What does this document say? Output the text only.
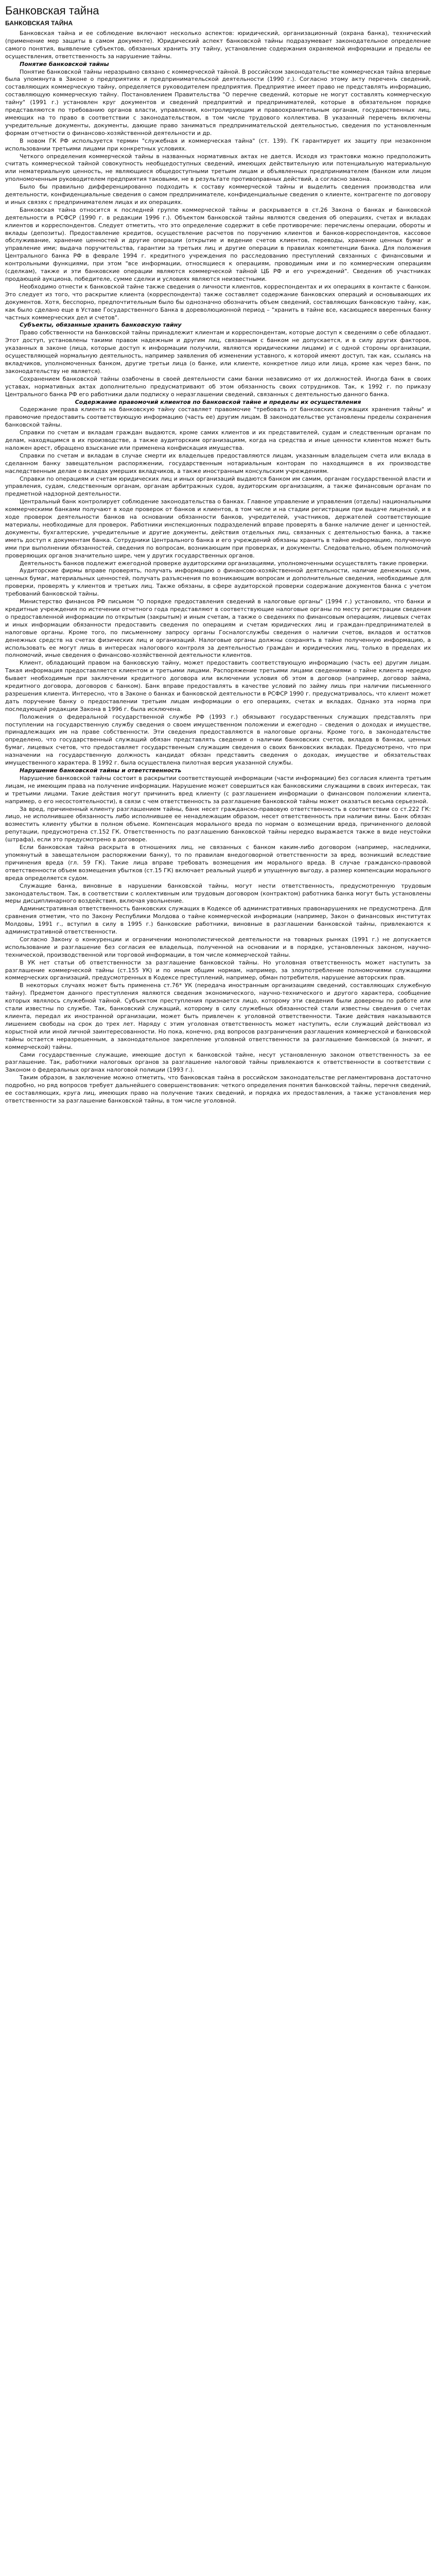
Банковская тайна
БАНКОВСКАЯ ТАЙНА

Банковская тайна и ее соблюдение включают несколько аспектов: юридический, организационный (охрана банка), технический (применение мер защиты в самом документе). Юридический аспект банковской тайны подразумевает законодательное определение самого понятия, выявление субъектов, обязанных хранить эту тайну, установление содержания охраняемой информации и пределы ее осуществления, ответственность за нарушение тайны.

Понятие банковской тайны

Понятие банковской тайны неразрывно связано с коммерческой тайной. В российском законодательстве коммерческая тайна впервые была упомянута в Законе о предприятиях и предпринимательской деятельности (1990 г.). Согласно этому акту переченъ сведений, составляющих коммерческую тайну, определяется руководителем предприятия. Предприятие имеет право не представлять информацию, составляющую коммерческую тайну. Постановлением Правительства "О перечне сведений, которые не могут составлять коммерческую тайну" (1991 г.) установлен круг документов и сведений предприятий и предпринимателей, которые в обязательном порядке представляются по требованию органов власти, управления, контролирующим и правоохранительным органам, государственных лиц, имеющих на то право в соответствии с законодательством, в том числе трудового коллектива. В указанный перечень включены учредительные документы, документы, дающие право заниматься предпринимательской деятельностью, сведения по установленным формам отчетности о финансово-хозяйственной деятельности и др.

В новом ГК РФ используется термин "служебная и коммерческая тайна" (ст. 139). ГК гарантирует их защиту при незаконном использовании третьими лицами при конкретных условиях.

Четкого определения коммерческой тайны в названных нормативных актах не дается. Исходя из трактовки можно предположить считать коммерческой тайной совокупность необщедоступных сведений, имеющих действительную или потенциальную материальную или нематериальную ценность, не являющиеся общедоступными третьим лицам и объявленных предпринимателем (банком или лицом уполномоченным руководителем предприятия таковыми, не в результате противоправных действий, а согласно закона.

Было бы правильно дифференцированно подходить к составу коммерческой тайны и выделить сведения производства или деятельности, конфиденциальные сведения о самом предпринимателе, конфиденциальные сведения о клиенте, контрагенте по договору и иных связях с предпринимателем лицах и их операциях.

Банковская тайна относится к последней группе коммерческой тайны и раскрывается в ст.26 Закона о банках и банковской деятельности в РСФСР (1990 г. в редакции 1996 г.). Объектом банковской тайны являются сведения об операциях, счетах и вкладах клиентов и корреспондентов. Следует отметить, что это определение содержит в себе противоречие: перечислены операции, обороты и вклады (депозиты). Предоставление кредитов, осуществление расчетов по поручению клиентов и банков-корреспондентов, кассовое обслуживание, хранение ценностей и другие операции (открытие и ведение счетов клиентов, переводы, хранение ценных бумаг и управление ими; выдача поручительства, гарантии за третьих лиц и другие операции в правилах компетенции банка. Для положения Центрального банка РФ в феврале 1994 г. кредитного учреждения по расследованию преступлений связанных с финансовыми и контрольными функциями, при этом "все информации, относящиеся к операциям, проводимым ими и по коммерческим операциям (сделкам), также и эти банковские операции являются коммерческой тайной ЦБ РФ и его учреждений". Сведения об участниках продающей аукциона, победителе, сумме сделки и условиях являются неизвестными.

Необходимо отнести к банковской тайне также сведения о личности клиентов, корреспондентах и их операциях в контакте с банком. Это следует из того, что раскрытие клиента (корреспондента) также составляет содержание банковских операций и основывающих их документов. Хотя, бесспорно, предпочтительным было бы однозначно обозначить объем сведений, составляющих банковскую тайну, как, как было сделано еще в Уставе Государственного Банка в дореволюционной период – "хранить в тайне все, касающиеся вверенных банку частных коммерческих дел и счетов".

Субъекты, обязанные хранить банковскую тайну

Право собственности на банковской тайны принадлежит клиентам и корреспондентам, которые доступ к сведениям о себе обладают. Этот доступ, установлены такими правом надежным и другим лиц, связанным с банком не допускается, и в силу других факторов, указанных в законе (лица, которые доступ к информации получили, являются юридическими лицами) и с одной стороны организации, осуществляющей нормальную деятельность, например заявления об изменении уставного, к которой имеют доступ, так как, ссылаясь на вкладчиков, уполномоченных банком, другие третьи лица (о банке, или клиенте, конкретное лицо или лица, кроме как через банк, по законодательству не является).

Сохранением банковской тайны озабочены в своей деятельности сами банки независимо от их должностей. Иногда банк в своих уставах, нормативных актах дополнительно предусматривают об этом обязанность своих сотрудников. Так, к 1992 г. по приказу Центрального банка РФ его работники дали подписку о неразглашении сведений, связанных с деятельностью данного банка.

Содержание правомочий клиентов по банковской тайне и пределы их осуществления

Содержание права клиента на банковскую тайну составляет правомочие "требовать от банковских служащих хранения тайны" и правомочие предоставить соответствующую информацию (часть ее) другим лицам. В законодательстве установлены пределы сохранения банковской тайны.

Справки по счетам и вкладам граждан выдаются, кроме самих клиентов и их представителей, судам и следственным органам по делам, находящимся в их производстве, а также аудиторским организациям, когда на средства и иные ценности клиентов может быть наложен арест, обращено взыскание или применена конфискация имущества.

Справки по счетам и вкладам в случае смерти их владельцев предоставляются лицам, указанным владельцем счета или вклада в сделанном банку завещательном распоряжении, государственным нотариальным конторам по находящимся в их производстве наследственным делам о вкладах умерших вкладчиков, а также иностранным консульским учреждениям.

Справки по операциям и счетам юридических лиц и иных организаций выдаются банком им самим, органам государственной власти и управления, судам, следственным органам, органам арбитражных судов, аудиторским организациям, а также финансовым органам по предметной надзорной деятельности.

Центральный банк контролирует соблюдение законодательства о банках. Главное управление и управления (отделы) национальными коммерческими банками получают в ходе проверок от банков и клиентов, в том числе и на стадии регистрации при выдаче лицензий, и в ходе проверок деятельности банков на основании обязанности банков, учредителей, участников, держателей соответствующие материалы, необходимые для проверок. Работники инспекционных подразделений вправе проверять в банке наличие денег и ценностей, документы, бухгалтерские, учредительные и другие документы, действия отдельных лиц, связанных с деятельностью банка, а также иметь доступ к документам банка. Сотрудники Центрального банка и его учреждений обязаны хранить в тайне информацию, полученную ими при выполнении обязанностей, сведения по вопросам, возникающим при проверках, и документы. Следовательно, объем полномочий проверяющих органов значительно шире, чем у других государственных органов.

Деятельность банков подлежит ежегодной проверке аудиторскими организациями, уполномоченными осуществлять такие проверки.

Аудиторские фирмы вправе проверять, получать информацию о финансово-хозяйственной деятельности, наличие денежных сумм, ценных бумаг, материальных ценностей, получать разъяснения по возникающим вопросам и дополнительные сведения, необходимые для проверки, проверять у клиентов и третьих лиц. Также обязаны, в сфере аудиторской проверки содержание документов банка с учетом требований банковской тайны.

Министерство финансов РФ письмом "О порядке предоставления сведений в налоговые органы" (1994 г.) установило, что банки и кредитные учреждения по истечении отчетного года представляют в соответствующие налоговые органы по месту регистрации сведения о предоставленной информации по открытым (закрытым) и иным счетам, а также о сведениях по финансовым операциям, лицевых счетах и иных информации обязанности предоставить сведения по операциям и счетам юридических лиц и граждан-предпринимателей в налоговые органы. Кроме того, по письменному запросу органы Госналогслужбы сведения о наличии счетов, вкладов и остатков денежных средств на счетах физических лиц и организаций. Налоговые органы должны сохранять в тайне полученную информацию, а использовать ее могут лишь в интересах налогового контроля за деятельностью граждан и юридических лиц, только в пределах их полномочий, иные сведения о финансово-хозяйственной деятельности клиентов.

Клиент, обладающий правом на банковскую тайну, может предоставить соответствующую информацию (часть ее) другим лицам. Такая информация предоставляется клиентом и третьими лицами. Распоряжение третьими лицами сведениями о тайне клиента нередко бывает необходимым при заключении кредитного договора или включении условия об этом в договор (например, договор займа, кредитного договора, договоров с банком). Банк вправе предоставлять в качестве условий по займу лишь при наличии письменного разрешения клиента. Интересно, что в Законе о банках и банковской деятельности в РСФСР 1990 г. предусматривалось, что клиент может дать поручение банку о предоставлении третьим лицам информации о его операциях, счетах и вкладах. Однако эта норма при последующей редакции Закона в 1996 г. была исключена.

Положения о федеральной государственной службе РФ (1993 г.) обязывают государственных служащих представлять при поступлении на государственную службу сведения о своем имущественном положении и ежегодно – сведения о доходах и имуществе, принадлежащих им на праве собственности. Эти сведения предоставляются в налоговые органы. Кроме того, в законодательстве определено, что государственный служащий обязан представлять сведения о наличии банковских счетов, вкладов в банках, ценных бумаг, лицевых счетов, что предоставляет государственным служащим сведения о своих банковских вкладах. Предусмотрено, что при назначении на государственную должность кандидат обязан представить сведения о доходах, имуществе и обязательствах имущественного характера. В 1992 г. была осуществлена пилотная версия указанной службы.

Нарушение банковской тайны и ответственность

Нарушение банковской тайны состоит в раскрытии соответствующей информации (части информации) без согласия клиента третьим лицам, не имеющим права на получение информации. Нарушение может совершиться как банковскими служащими в своих интересах, так и третьими лицами. Такие действия могут причинить вред клиенту (с разглашением информации о финансовом положении клиента, например, о его несостоятельности), в связи с чем ответственность за разглашение банковской тайны может оказаться весьма серьезной.

За вред, причиненный клиенту разглашением тайны, банк несет гражданско-правовую ответственность в соответствии со ст.222 ГК: лицо, не исполнившее обязанность либо исполнившее ее ненадлежащим образом, несет ответственность при наличии вины. Банк обязан возместить клиенту убытки в полном объеме. Компенсация морального вреда по нормам о возмещении вреда, причиненного деловой репутации, предусмотрена ст.152 ГК. Ответственность по разглашению банковской тайны нередко выражается также в виде неустойки (штрафа), если это предусмотрено в договоре.

Если банковская тайна раскрыта в отношениях лиц, не связанных с банком каким-либо договором (например, наследники, упомянутый в завещательном распоряжении банку), то по правилам внедоговорной ответственности за вред, возникший вследствие причинения вреда (гл. 59 ГК). Такие лица вправе требовать возмещения им морального вреда. В случае гражданско-правовой ответственности объем возмещения убытков (ст.15 ГК) включает реальный ущерб и упущенную выгоду, а размер компенсации морального вреда определяется судом.

Служащие банка, виновные в нарушении банковской тайны, могут нести ответственность, предусмотренную трудовым законодательством. Так, в соответствии с коллективным или трудовым договором (контрактом) работника банка могут быть установлены меры дисциплинарного воздействия, включая увольнение.

Административная ответственность банковских служащих в Кодексе об административных правонарушениях не предусмотрена. Для сравнения отметим, что по Закону Республики Молдова о тайне коммерческой информации (например, Закон о финансовых институтах Молдовы, 1991 г., вступил в силу в 1995 г.) банковские работники, виновные в разглашении банковской тайны, привлекаются к административной ответственности.

Согласно Закону о конкуренции и ограничении монополистической деятельности на товарных рынках (1991 г.) не допускается использование и разглашение без согласия ее владельца, полученной на основании и в порядке, установленных законом, научно-технической, производственной или торговой информации, в том числе коммерческой тайны.

В УК нет статьи об ответственности за разглашение банковской тайны. Но уголовная ответственность может наступить за разглашение коммерческой тайны (ст.155 УК) и по иным общим нормам, например, за злоупотребление полномочиями служащими коммерческих организаций, предусмотренных в Кодексе преступлений, например, обман потребителя, нарушение авторских прав.

В некоторых случаях может быть применена ст.76* УК (передача иностранным организациям сведений, составляющих служебную тайну). Предметом данного преступления являются сведения экономического, научно-технического и другого характера, сообщение которых являлось служебной тайной. Субъектом преступления признается лицо, которому эти сведения были доверены по работе или стали известны по службе. Так, банковский служащий, которому в силу служебных обязанностей стали известны сведения о счетах клиента, передал их иностранной организации, может быть привлечен к уголовной ответственности. Такие действия наказываются лишением свободы на срок до трех лет. Наряду с этим уголовная ответственность может наступить, если служащий действовал из корыстной или иной личной заинтересованности. Но пока, конечно, ряд вопросов разграничения разглашения коммерческой и банковской тайны остается неразрешенным, а законодательное закрепление уголовной ответственности за разглашение банковской (а значит, и коммерческой) тайны.

Сами государственные служащие, имеющие доступ к банковской тайне, несут установленную законом ответственность за ее разглашение. Так, работники налоговых органов за разглашение налоговой тайны привлекаются к ответственности в соответствии с Законом о федеральных органах налоговой полиции (1993 г.).

Таким образом, в заключение можно отметить, что банковская тайна в российском законодательстве регламентирована достаточно подробно, но ряд вопросов требует дальнейшего совершенствования: четкого определения понятия банковской тайны, перечня сведений, ее составляющих, круга лиц, имеющих право на получение таких сведений, и порядка их предоставления, а также установления мер ответственности за разглашение банковской тайны, в том числе уголовной.
